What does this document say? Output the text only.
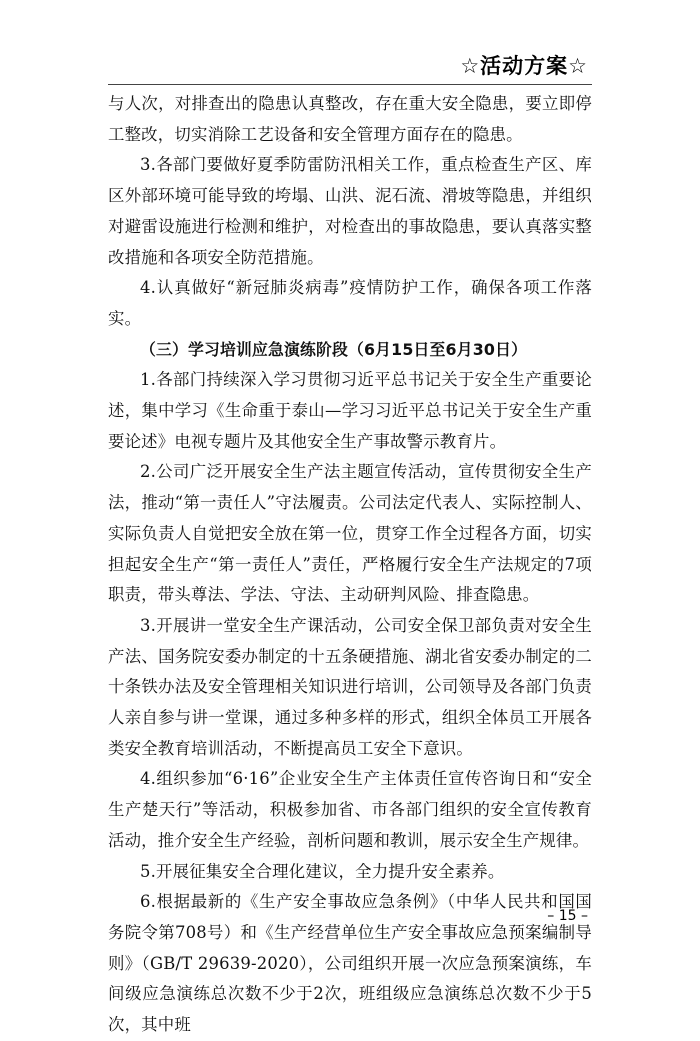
☆活动方案☆

与人次，对排查出的隐患认真整改，存在重大安全隐患，要立即停工整改，切实消除工艺设备和安全管理方面存在的隐患。

3.各部门要做好夏季防雷防汛相关工作，重点检查生产区、库区外部环境可能导致的垮塌、山洪、泥石流、滑坡等隐患，并组织对避雷设施进行检测和维护，对检查出的事故隐患，要认真落实整改措施和各项安全防范措施。

4.认真做好“新冠肺炎病毒”疫情防护工作，确保各项工作落实。

（三）学习培训应急演练阶段（6月15日至6月30日）

1.各部门持续深入学习贯彻习近平总书记关于安全生产重要论述，集中学习《生命重于泰山—学习习近平总书记关于安全生产重要论述》电视专题片及其他安全生产事故警示教育片。

2.公司广泛开展安全生产法主题宣传活动，宣传贯彻安全生产法，推动“第一责任人”守法履责。公司法定代表人、实际控制人、实际负责人自觉把安全放在第一位，贯穿工作全过程各方面，切实担起安全生产“第一责任人”责任，严格履行安全生产法规定的7项职责，带头尊法、学法、守法、主动研判风险、排查隐患。

3.开展讲一堂安全生产课活动，公司安全保卫部负责对安全生产法、国务院安委办制定的十五条硬措施、湖北省安委办制定的二十条铁办法及安全管理相关知识进行培训，公司领导及各部门负责人亲自参与讲一堂课，通过多种多样的形式，组织全体员工开展各类安全教育培训活动，不断提高员工安全下意识。

4.组织参加“6·16”企业安全生产主体责任宣传咨询日和“安全生产楚天行”等活动，积极参加省、市各部门组织的安全宣传教育活动，推介安全生产经验，剖析问题和教训，展示安全生产规律。

5.开展征集安全合理化建议，全力提升安全素养。

6.根据最新的《生产安全事故应急条例》（中华人民共和国国务院令第708号）和《生产经营单位生产安全事故应急预案编制导则》（GB/T 29639-2020），公司组织开展一次应急预案演练，车间级应急演练总次数不少于2次，班组级应急演练总次数不少于5次，其中班

– 15 –
